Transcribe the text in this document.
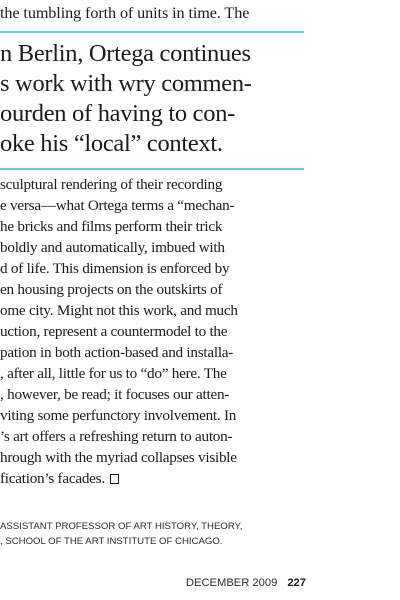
the tumbling forth of units in time. The
n Berlin, Ortega continues
s work with wry commen-
ourden of having to con-
oke his “local” context.
sculptural rendering of their recording
e versa—what Ortega terms a “mechan-
he bricks and films perform their trick
boldly and automatically, imbued with
d of life. This dimension is enforced by
en housing projects on the outskirts of
ome city. Might not this work, and much
uction, represent a countermodel to the
pation in both action-based and installa-
, after all, little for us to “do” here. The
, however, be read; it focuses our atten-
viting some perfunctory involvement. In
’s art offers a refreshing return to auton-
hrough with the myriad collapses visible
fication’s facades.
ASSISTANT PROFESSOR OF ART HISTORY, THEORY,
, SCHOOL OF THE ART INSTITUTE OF CHICAGO.
DECEMBER 2009 227
